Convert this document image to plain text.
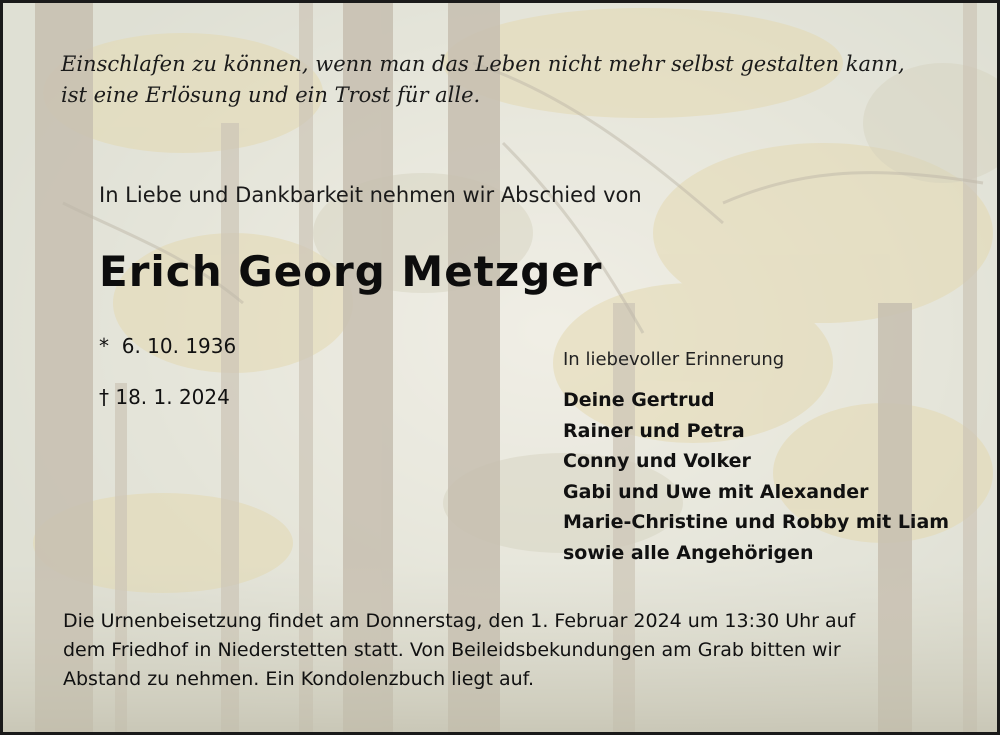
Einschlafen zu können, wenn man das Leben nicht mehr selbst gestalten kann,
ist eine Erlösung und ein Trost für alle.
In Liebe und Dankbarkeit nehmen wir Abschied von
Erich Georg Metzger
*  6. 10. 1936
† 18. 1. 2024
In liebevoller Erinnerung
Deine Gertrud
Rainer und Petra
Conny und Volker
Gabi und Uwe mit Alexander
Marie-Christine und Robby mit Liam
sowie alle Angehörigen
Die Urnenbeisetzung findet am Donnerstag, den 1. Februar 2024 um 13:30 Uhr auf
dem Friedhof in Niederstetten statt. Von Beileidsbekundungen am Grab bitten wir
Abstand zu nehmen. Ein Kondolenzbuch liegt auf.
